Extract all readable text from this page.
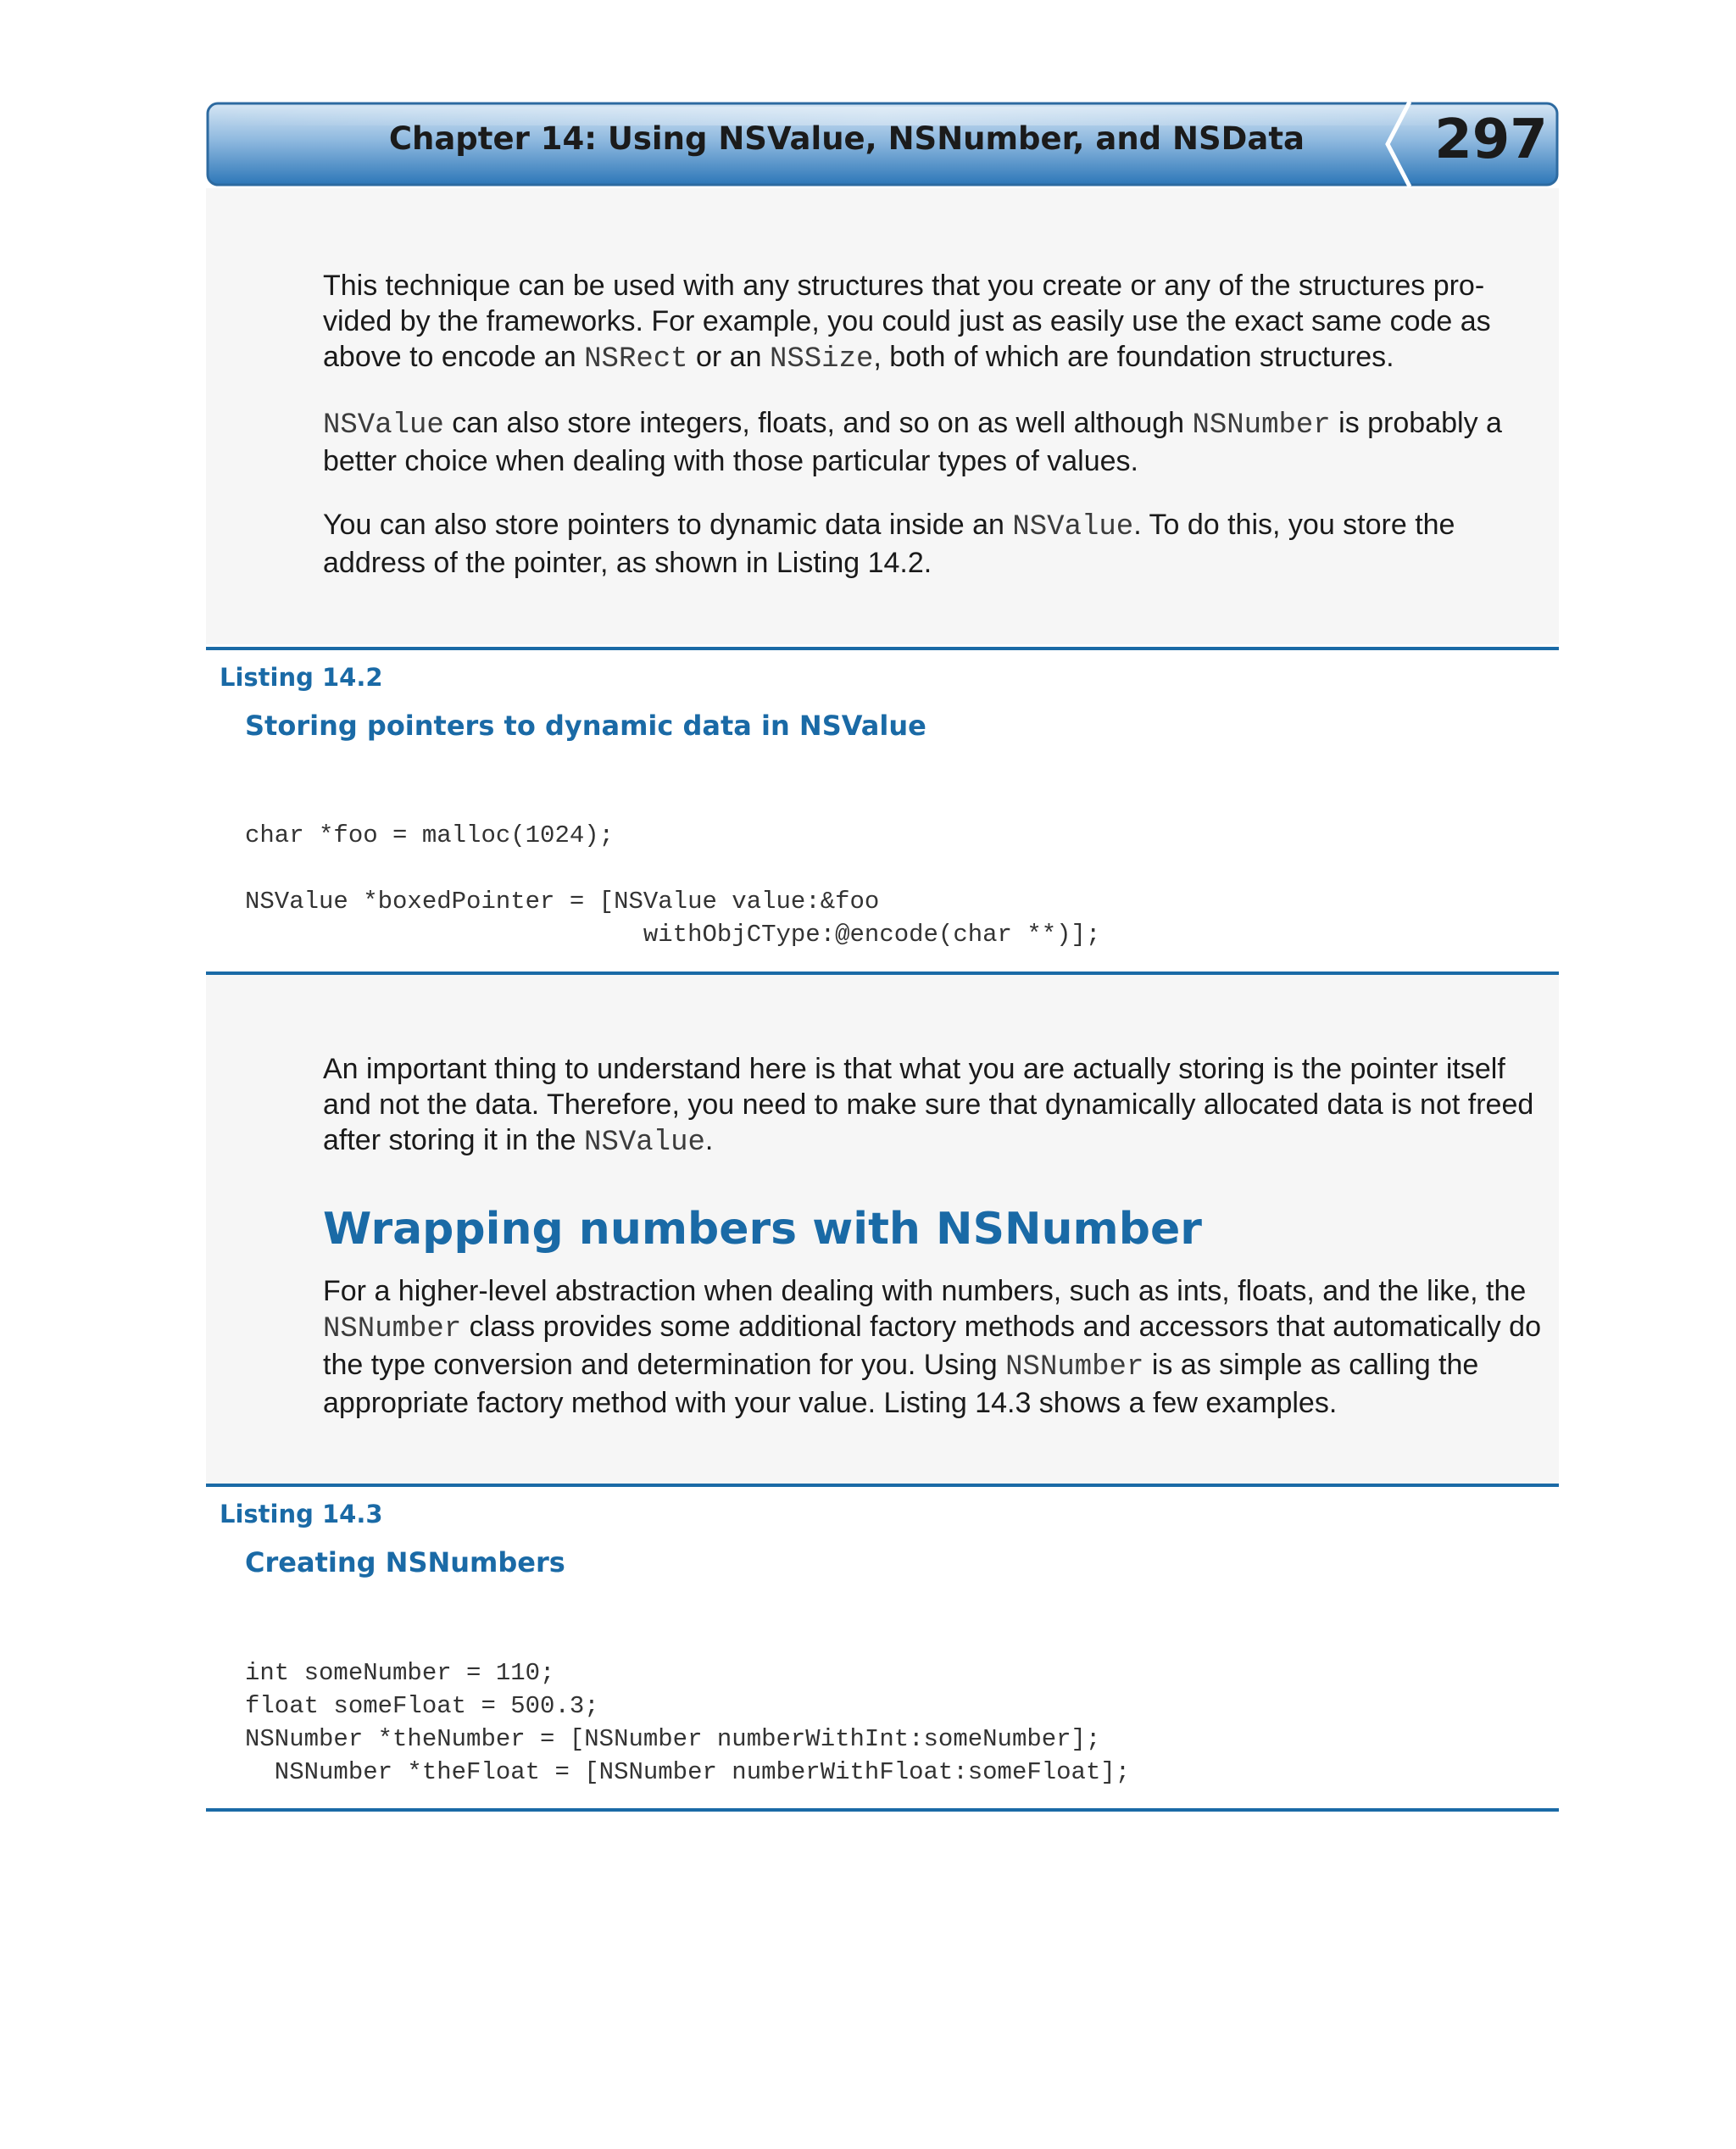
Chapter 14: Using NSValue, NSNumber, and NSData 297

This technique can be used with any structures that you create or any of the structures pro-vided by the frameworks. For example, you could just as easily use the exact same code as above to encode an NSRect or an NSSize, both of which are foundation structures.

NSValue can also store integers, floats, and so on as well although NSNumber is probably a better choice when dealing with those particular types of values.

You can also store pointers to dynamic data inside an NSValue. To do this, you store the address of the pointer, as shown in Listing 14.2.

Listing 14.2
Storing pointers to dynamic data in NSValue
char *foo = malloc(1024);

NSValue *boxedPointer = [NSValue value:&foo
withObjCType:@encode(char **)];

An important thing to understand here is that what you are actually storing is the pointer itself and not the data. Therefore, you need to make sure that dynamically allocated data is not freed after storing it in the NSValue.

Wrapping numbers with NSNumber

For a higher-level abstraction when dealing with numbers, such as ints, floats, and the like, the NSNumber class provides some additional factory methods and accessors that automatically do the type conversion and determination for you. Using NSNumber is as simple as calling the appropriate factory method with your value. Listing 14.3 shows a few examples.

Listing 14.3
Creating NSNumbers
int someNumber = 110;
float someFloat = 500.3;
NSNumber *theNumber = [NSNumber numberWithInt:someNumber];
NSNumber *theFloat = [NSNumber numberWithFloat:someFloat];
